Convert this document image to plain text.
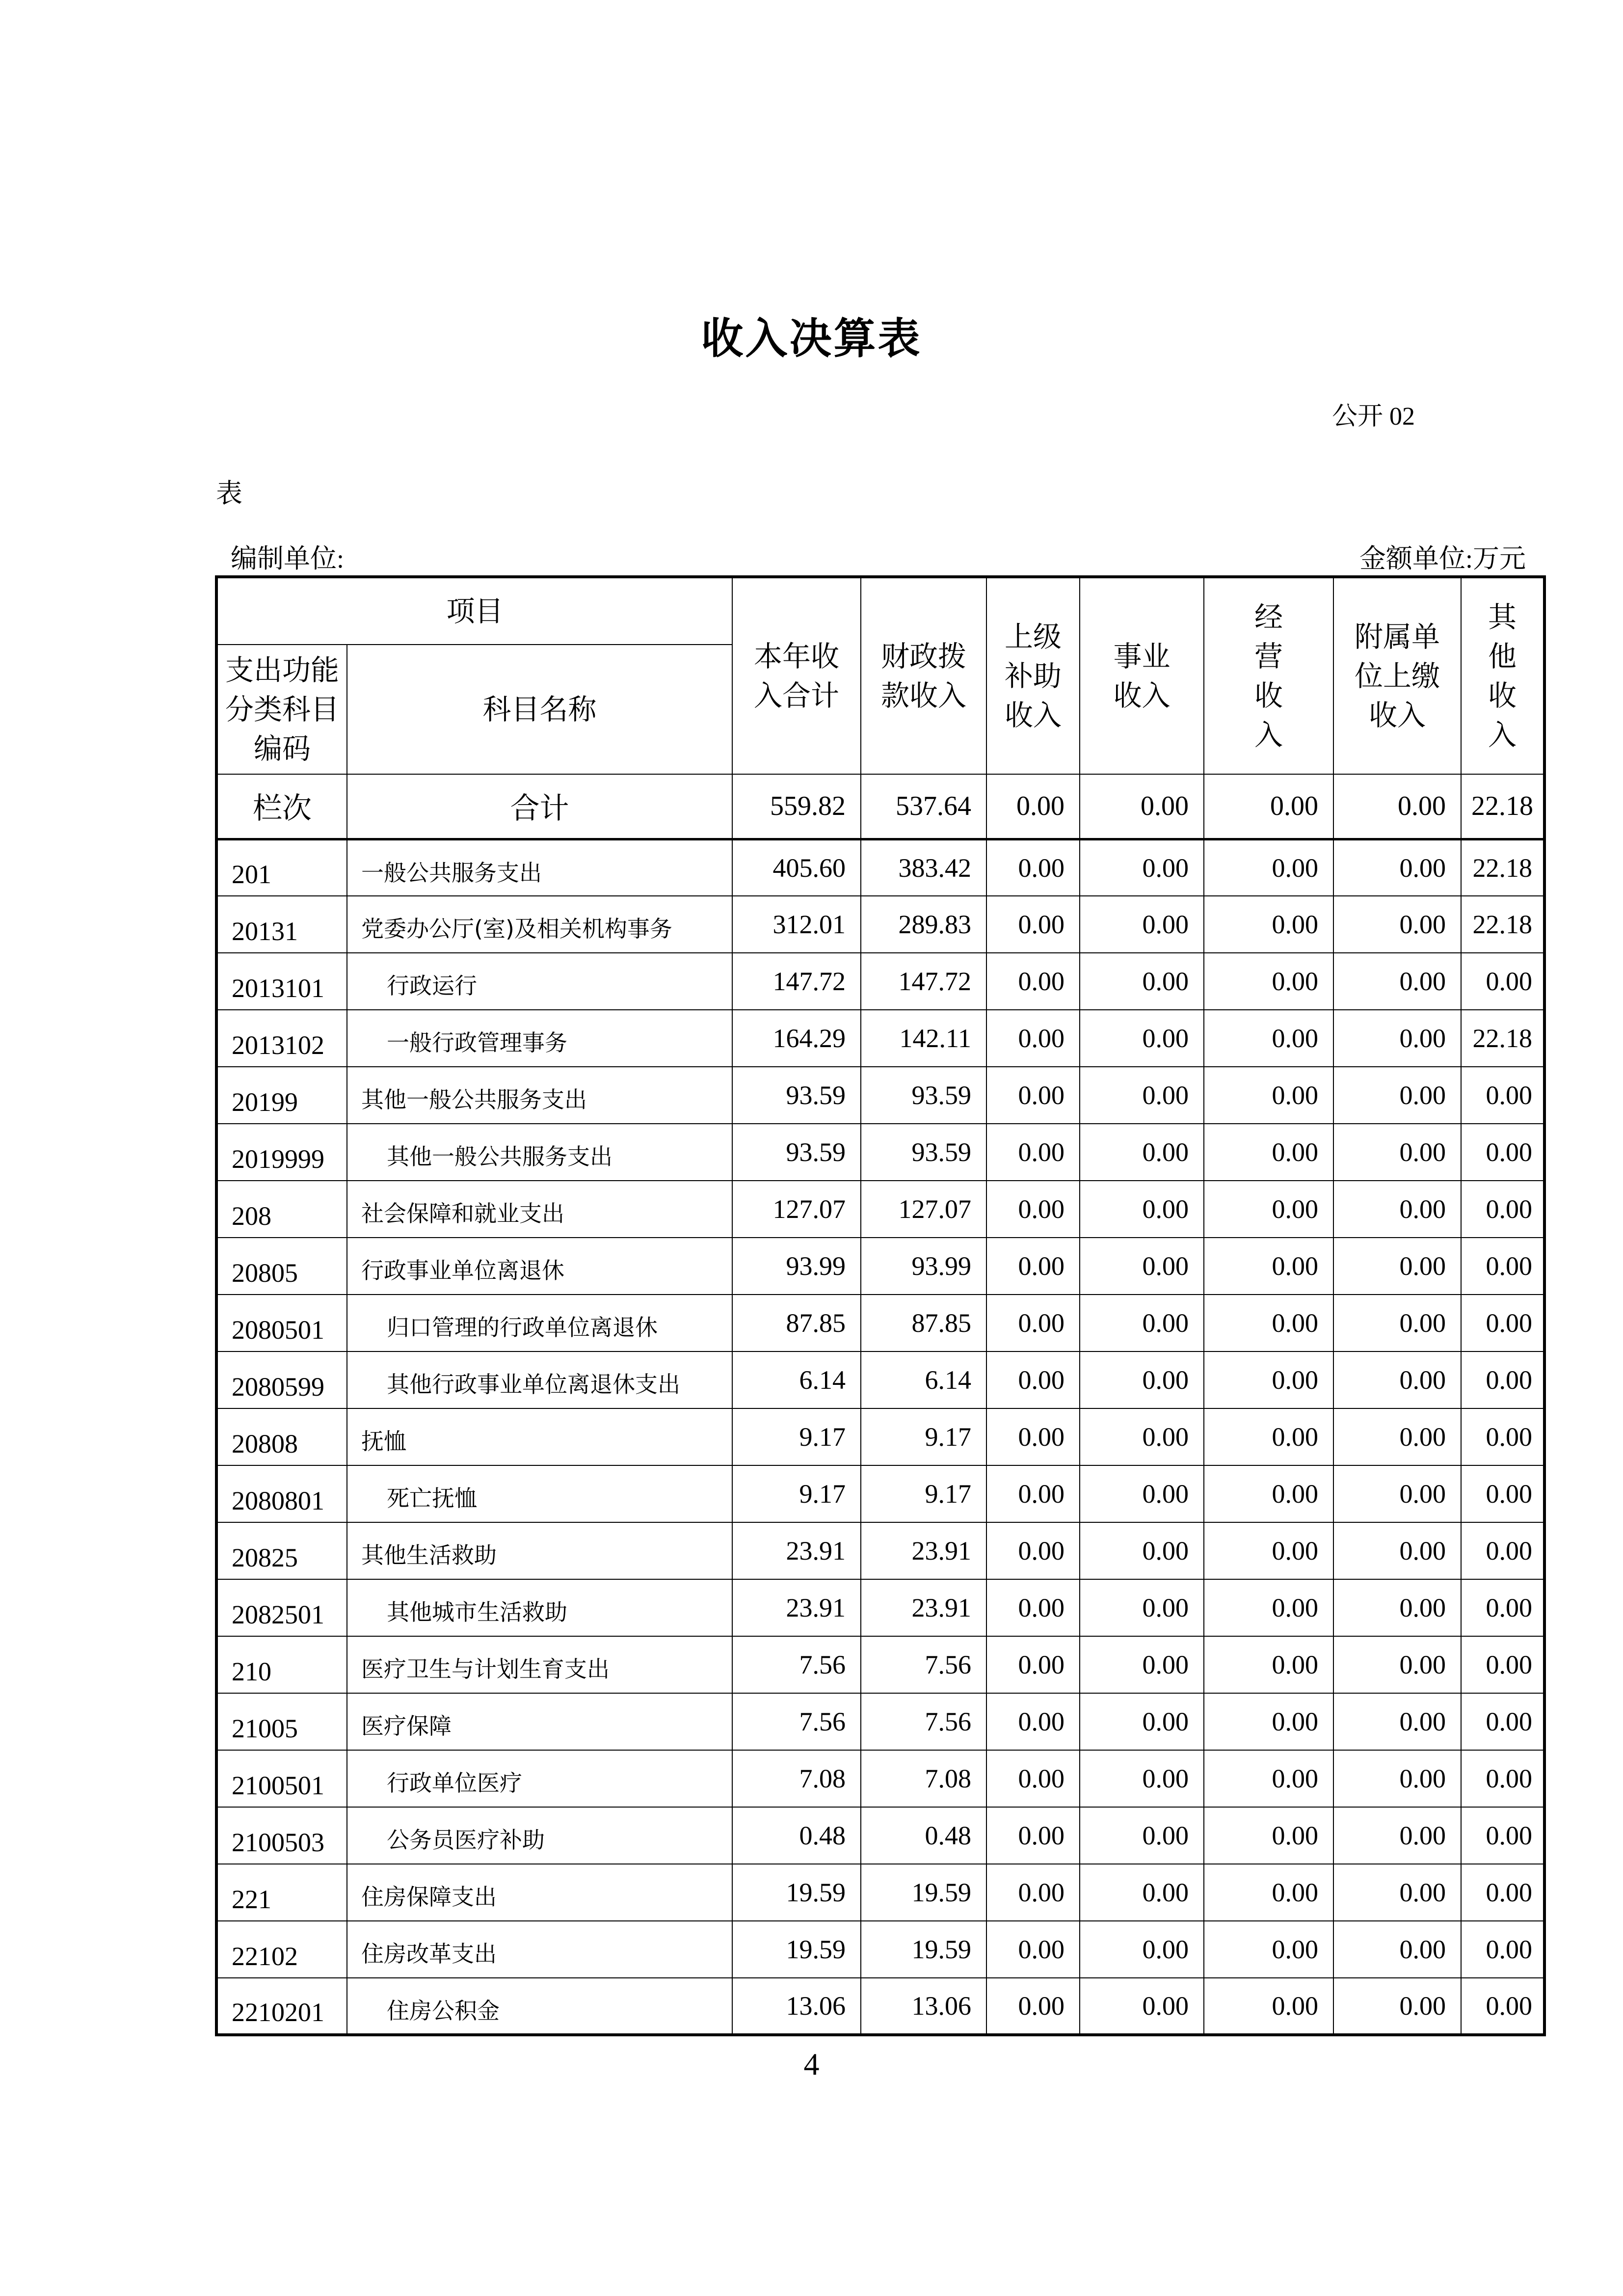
收入决算表
公开 02
表
编制单位:	金额单位:万元
项目		本年收入合计	财政拨款收入	上级补助收入	事业收入	经营收入	附属单位上缴收入	其他收入
支出功能分类科目编码	科目名称							
栏次	合计	559.82	537.64	0.00	0.00	0.00	0.00	22.18
201	一般公共服务支出	405.60	383.42	0.00	0.00	0.00	0.00	22.18
20131	党委办公厅(室)及相关机构事务	312.01	289.83	0.00	0.00	0.00	0.00	22.18
2013101	行政运行	147.72	147.72	0.00	0.00	0.00	0.00	0.00
2013102	一般行政管理事务	164.29	142.11	0.00	0.00	0.00	0.00	22.18
20199	其他一般公共服务支出	93.59	93.59	0.00	0.00	0.00	0.00	0.00
2019999	其他一般公共服务支出	93.59	93.59	0.00	0.00	0.00	0.00	0.00
208	社会保障和就业支出	127.07	127.07	0.00	0.00	0.00	0.00	0.00
20805	行政事业单位离退休	93.99	93.99	0.00	0.00	0.00	0.00	0.00
2080501	归口管理的行政单位离退休	87.85	87.85	0.00	0.00	0.00	0.00	0.00
2080599	其他行政事业单位离退休支出	6.14	6.14	0.00	0.00	0.00	0.00	0.00
20808	抚恤	9.17	9.17	0.00	0.00	0.00	0.00	0.00
2080801	死亡抚恤	9.17	9.17	0.00	0.00	0.00	0.00	0.00
20825	其他生活救助	23.91	23.91	0.00	0.00	0.00	0.00	0.00
2082501	其他城市生活救助	23.91	23.91	0.00	0.00	0.00	0.00	0.00
210	医疗卫生与计划生育支出	7.56	7.56	0.00	0.00	0.00	0.00	0.00
21005	医疗保障	7.56	7.56	0.00	0.00	0.00	0.00	0.00
2100501	行政单位医疗	7.08	7.08	0.00	0.00	0.00	0.00	0.00
2100503	公务员医疗补助	0.48	0.48	0.00	0.00	0.00	0.00	0.00
221	住房保障支出	19.59	19.59	0.00	0.00	0.00	0.00	0.00
22102	住房改革支出	19.59	19.59	0.00	0.00	0.00	0.00	0.00
2210201	住房公积金	13.06	13.06	0.00	0.00	0.00	0.00	0.00
4
